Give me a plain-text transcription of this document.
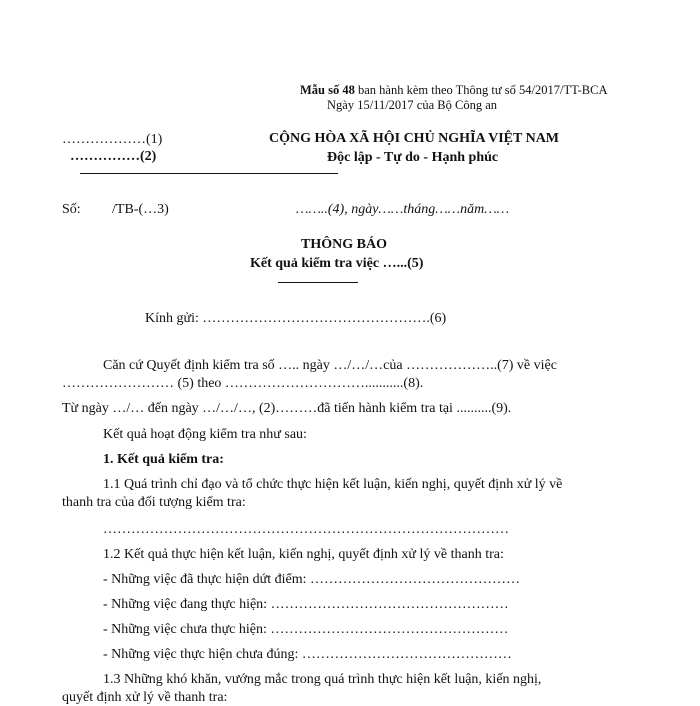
Mẫu số 48 ban hành kèm theo Thông tư số 54/2017/TT-BCA
Ngày 15/11/2017 của Bộ Công an
………………(1)
……………(2)
CỘNG HÒA XÃ HỘI CHỦ NGHĨA VIỆT NAM
Độc lập - Tự do - Hạnh phúc
Số: /TB-(…3)	……..(4), ngày……tháng……năm……
THÔNG BÁO
Kết quả kiểm tra việc …...(5)
Kính gửi: ………………………………………….(6)
Căn cứ Quyết định kiểm tra số ….. ngày …/…/…của ………………..(7) về việc
…………………… (5) theo …………………………...........(8).
Từ ngày …/… đến ngày …/…/…, (2)………đã tiến hành kiểm tra tại ..........(9).
Kết quả hoạt động kiểm tra như sau:
1. Kết quả kiểm tra:
1.1 Quá trình chỉ đạo và tổ chức thực hiện kết luận, kiến nghị, quyết định xử lý về
thanh tra của đối tượng kiểm tra:
……………………………………………………………………………
1.2 Kết quả thực hiện kết luận, kiến nghị, quyết định xử lý về thanh tra:
- Những việc đã thực hiện dứt điểm: ………………………………………
- Những việc đang thực hiện: ……………………………………………
- Những việc chưa thực hiện: ……………………………………………
- Những việc thực hiện chưa đúng: ………………………………………
1.3 Những khó khăn, vướng mắc trong quá trình thực hiện kết luận, kiến nghị,
quyết định xử lý về thanh tra:
